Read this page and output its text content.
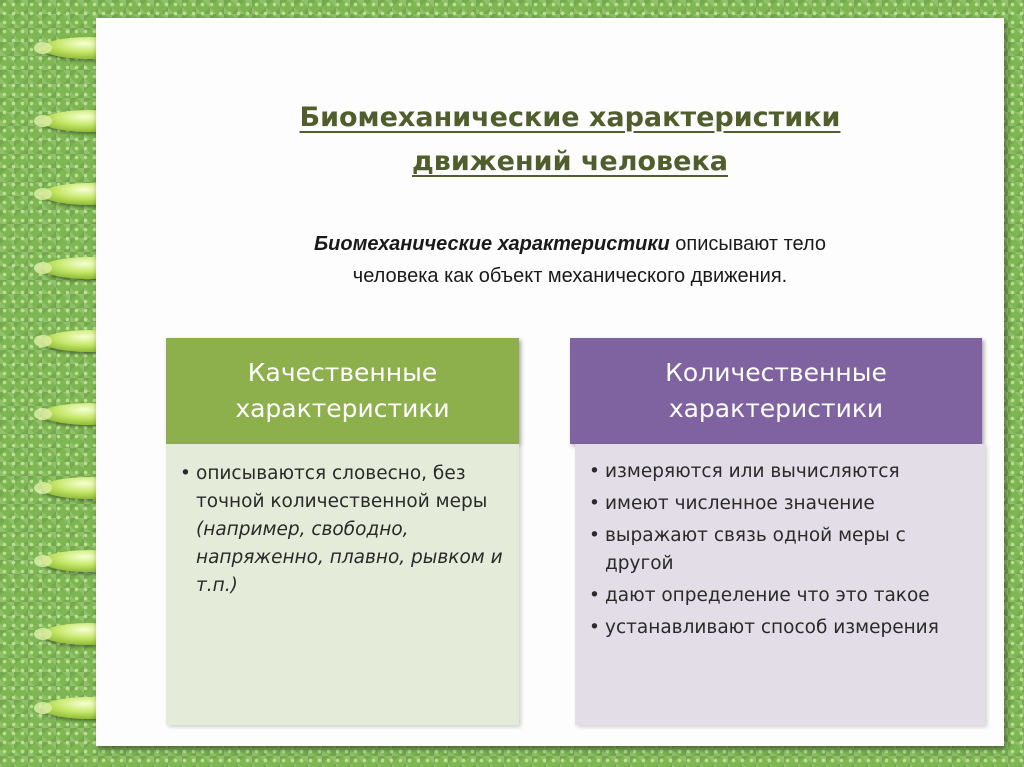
Биомеханические характеристики
движений человека
Биомеханические характеристики описывают тело
человека как объект механического движения.
Качественные
характеристики
• описываются словесно, без точной количественной меры (например, свободно, напряженно, плавно, рывком и т.п.)
Количественные
характеристики
• измеряются или вычисляются
• имеют численное значение
• выражают связь одной меры с другой
• дают определение что это такое
• устанавливают способ измерения
